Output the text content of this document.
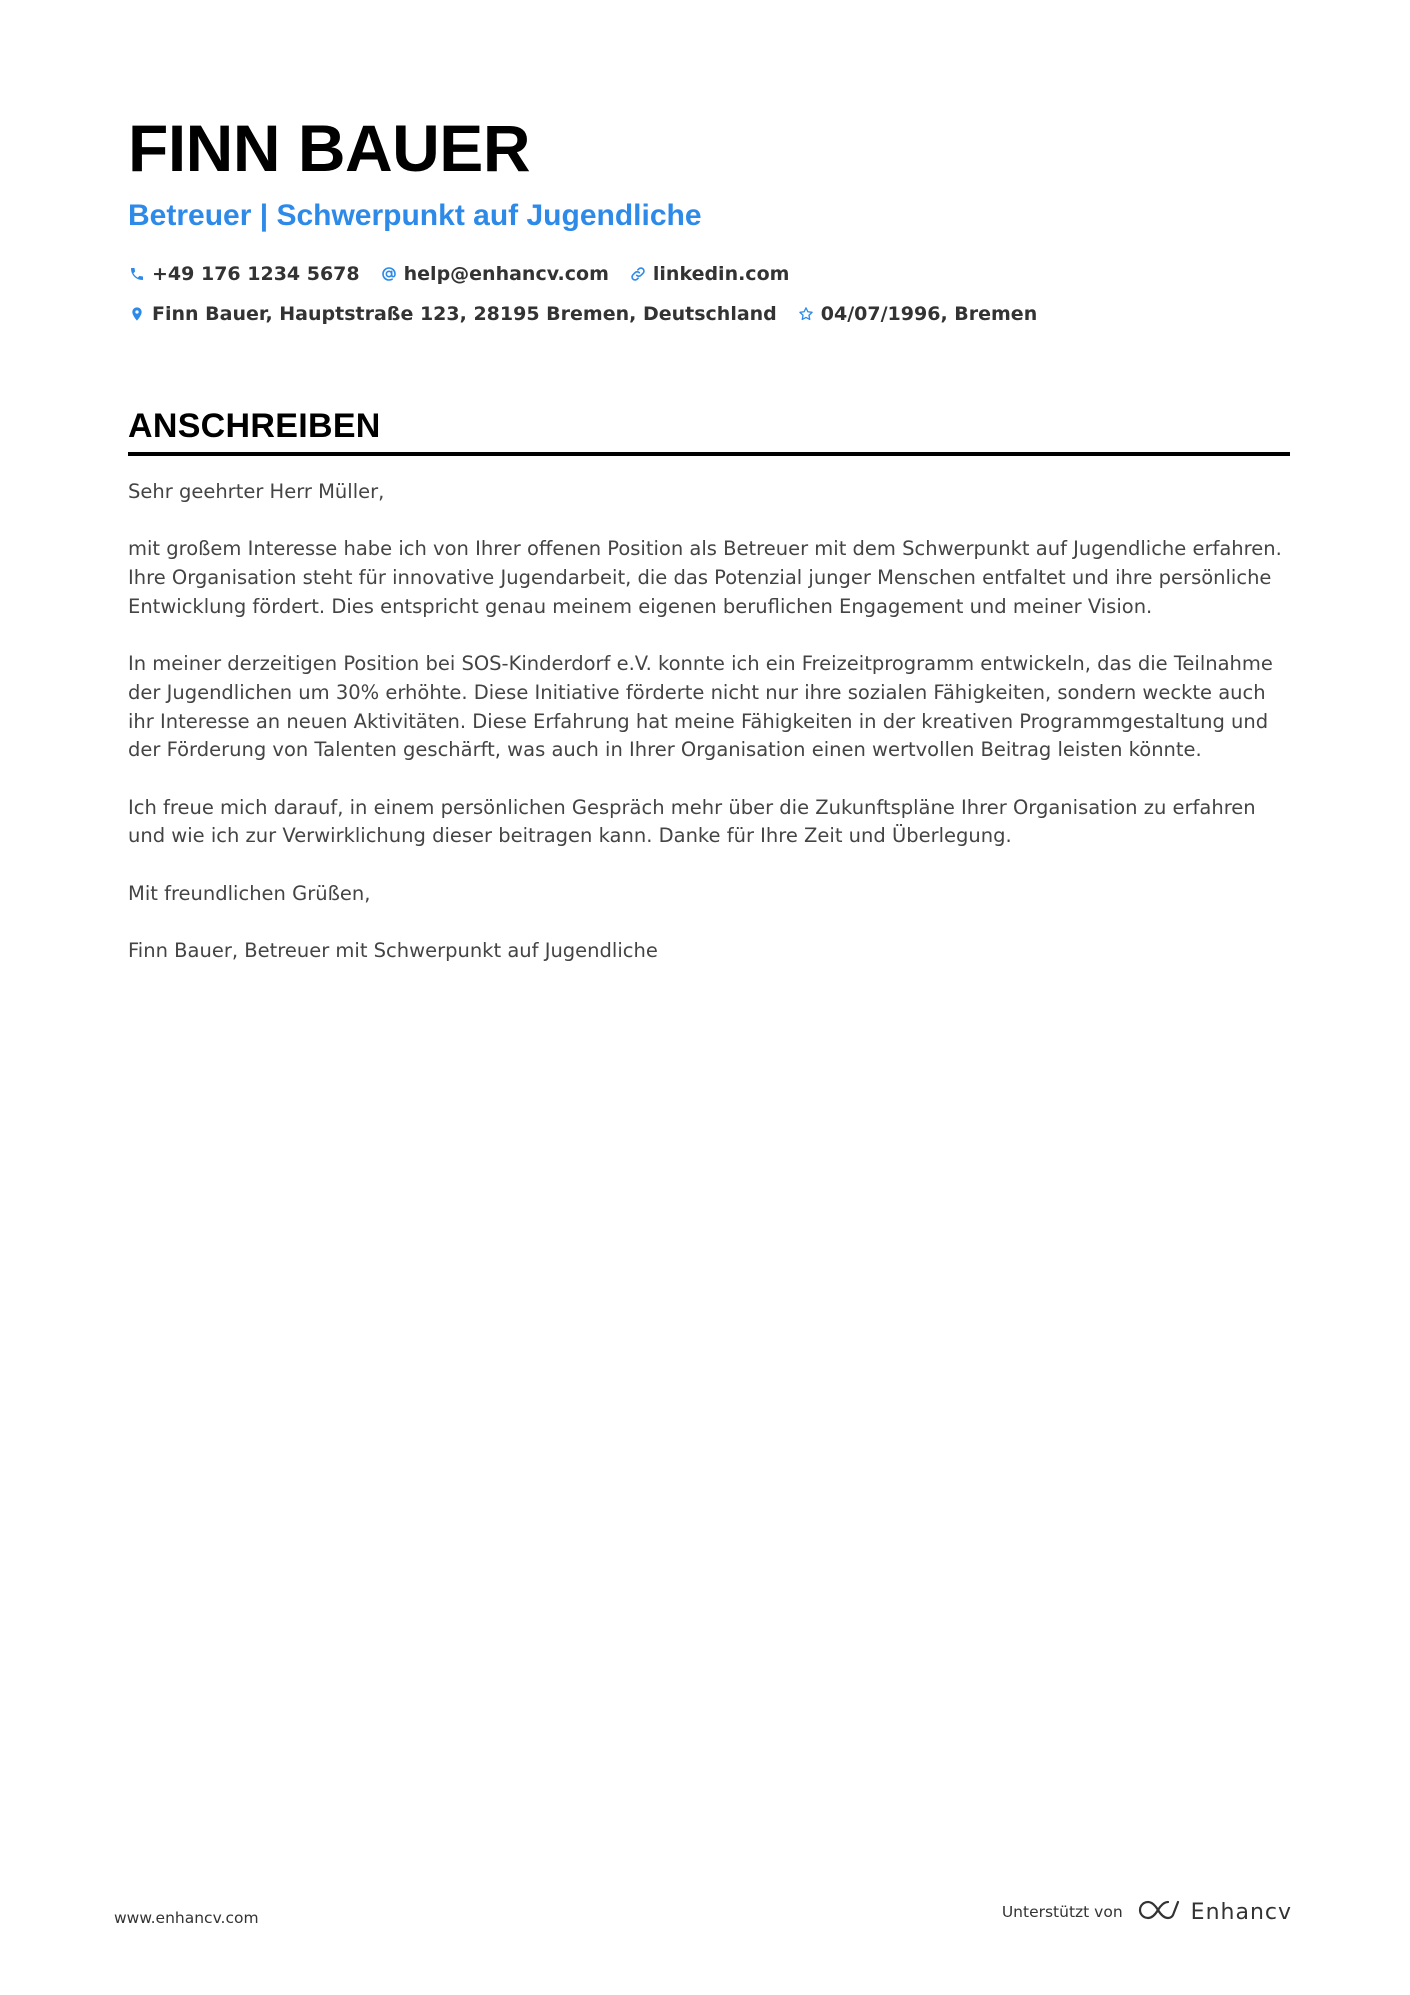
FINN BAUER
Betreuer | Schwerpunkt auf Jugendliche
+49 176 1234 5678 help@enhancv.com linkedin.com
Finn Bauer, Hauptstraße 123, 28195 Bremen, Deutschland 04/07/1996, Bremen
ANSCHREIBEN

Sehr geehrter Herr Müller,

mit großem Interesse habe ich von Ihrer offenen Position als Betreuer mit dem Schwerpunkt auf Jugendliche erfahren. Ihre Organisation steht für innovative Jugendarbeit, die das Potenzial junger Menschen entfaltet und ihre persönliche Entwicklung fördert. Dies entspricht genau meinem eigenen beruflichen Engagement und meiner Vision.

In meiner derzeitigen Position bei SOS-Kinderdorf e.V. konnte ich ein Freizeitprogramm entwickeln, das die Teilnahme der Jugendlichen um 30% erhöhte. Diese Initiative förderte nicht nur ihre sozialen Fähigkeiten, sondern weckte auch ihr Interesse an neuen Aktivitäten. Diese Erfahrung hat meine Fähigkeiten in der kreativen Programmgestaltung und der Förderung von Talenten geschärft, was auch in Ihrer Organisation einen wertvollen Beitrag leisten könnte.

Ich freue mich darauf, in einem persönlichen Gespräch mehr über die Zukunftspläne Ihrer Organisation zu erfahren und wie ich zur Verwirklichung dieser beitragen kann. Danke für Ihre Zeit und Überlegung.

Mit freundlichen Grüßen,

Finn Bauer, Betreuer mit Schwerpunkt auf Jugendliche

www.enhancv.com	Unterstützt von	Enhancv
